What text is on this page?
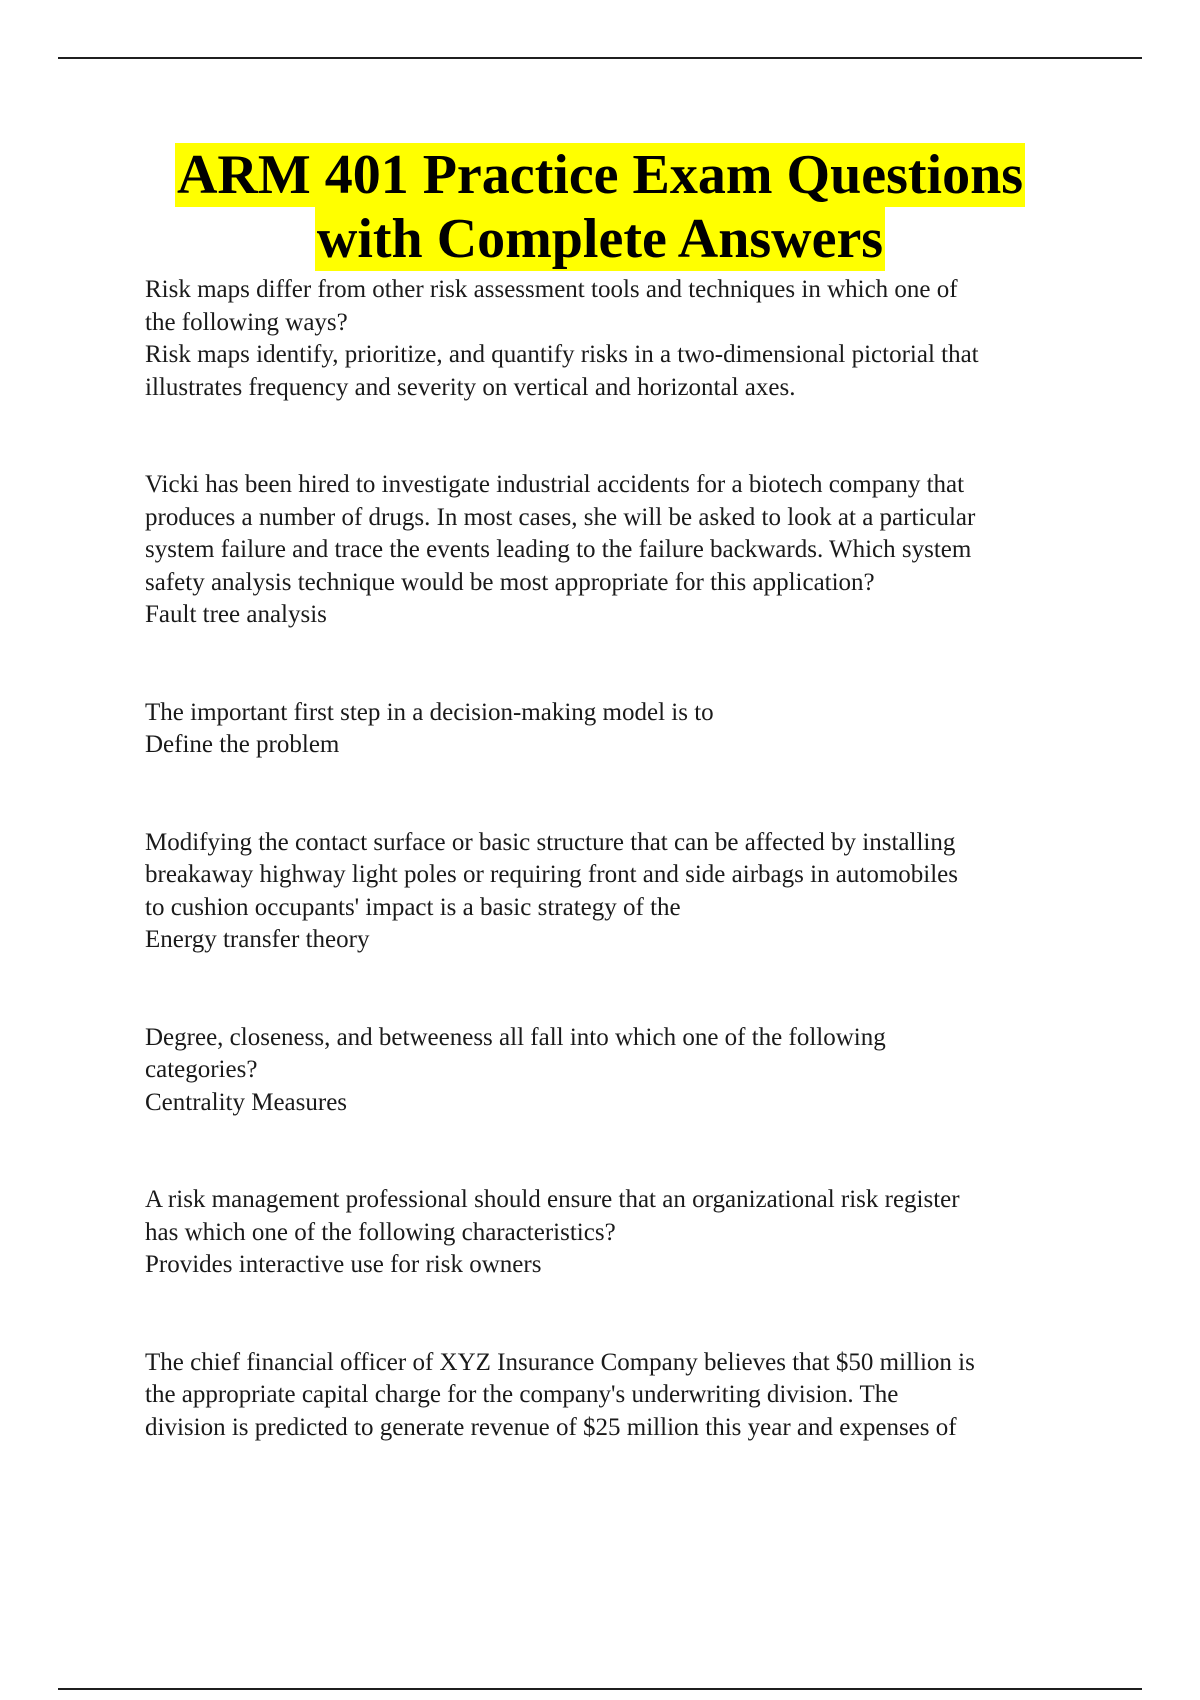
ARM 401 Practice Exam Questions
with Complete Answers

Risk maps differ from other risk assessment tools and techniques in which one of

the following ways?

Risk maps identify, prioritize, and quantify risks in a two-dimensional pictorial that

illustrates frequency and severity on vertical and horizontal axes.

Vicki has been hired to investigate industrial accidents for a biotech company that

produces a number of drugs. In most cases, she will be asked to look at a particular

system failure and trace the events leading to the failure backwards. Which system

safety analysis technique would be most appropriate for this application?

Fault tree analysis

The important first step in a decision-making model is to

Define the problem

Modifying the contact surface or basic structure that can be affected by installing

breakaway highway light poles or requiring front and side airbags in automobiles

to cushion occupants' impact is a basic strategy of the

Energy transfer theory

Degree, closeness, and betweeness all fall into which one of the following

categories?

Centrality Measures

A risk management professional should ensure that an organizational risk register

has which one of the following characteristics?

Provides interactive use for risk owners

The chief financial officer of XYZ Insurance Company believes that $50 million is

the appropriate capital charge for the company's underwriting division. The

division is predicted to generate revenue of $25 million this year and expenses of
